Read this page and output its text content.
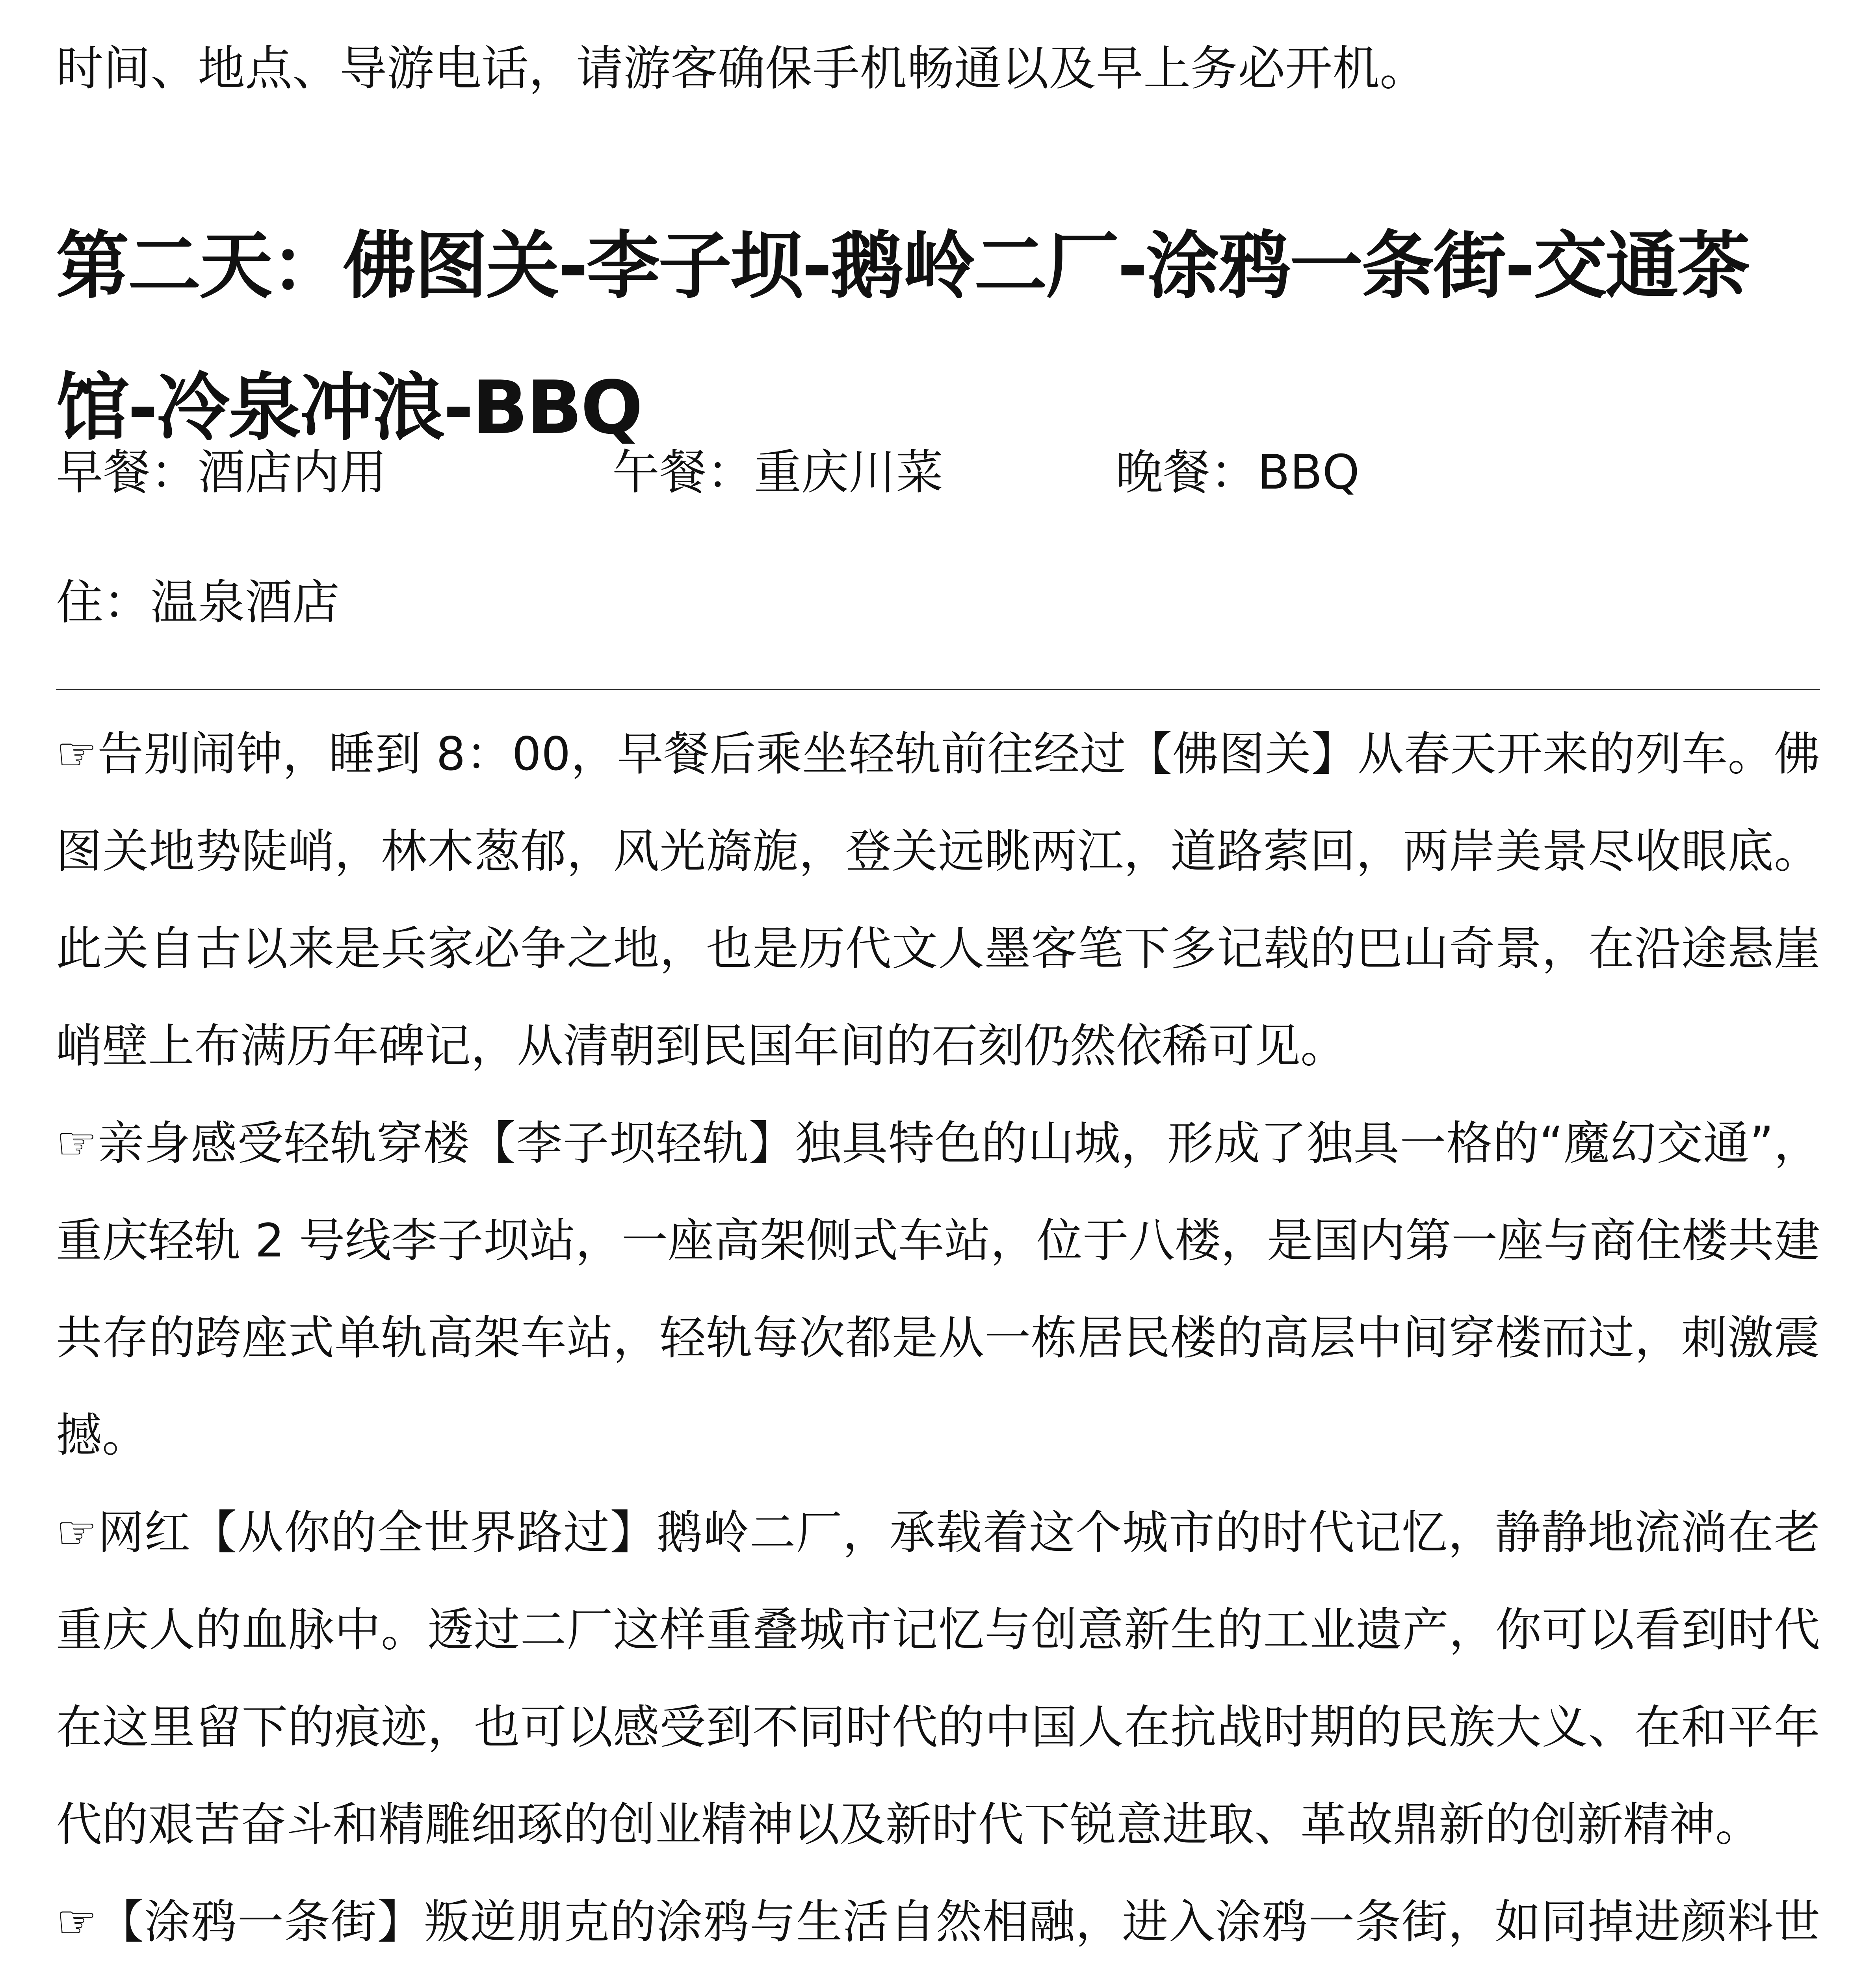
时间、地点、导游电话，请游客确保手机畅通以及早上务必开机。
第二天：佛图关-李子坝-鹅岭二厂-涂鸦一条街-交通茶馆-冷泉冲浪-BBQ
早餐：酒店内用	午餐：重庆川菜	晚餐：BBQ
住：温泉酒店

☞告别闹钟，睡到 8：00，早餐后乘坐轻轨前往经过【佛图关】从春天开来的列车。佛图关地势陡峭，林木葱郁，风光旖旎，登关远眺两江，道路萦回，两岸美景尽收眼底。此关自古以来是兵家必争之地，也是历代文人墨客笔下多记载的巴山奇景，在沿途悬崖峭壁上布满历年碑记，从清朝到民国年间的石刻仍然依稀可见。

☞亲身感受轻轨穿楼【李子坝轻轨】独具特色的山城，形成了独具一格的“魔幻交通”，重庆轻轨 2 号线李子坝站，一座高架侧式车站，位于八楼，是国内第一座与商住楼共建共存的跨座式单轨高架车站，轻轨每次都是从一栋居民楼的高层中间穿楼而过，刺激震撼。

☞网红【从你的全世界路过】鹅岭二厂，承载着这个城市的时代记忆，静静地流淌在老重庆人的血脉中。透过二厂这样重叠城市记忆与创意新生的工业遗产，你可以看到时代在这里留下的痕迹，也可以感受到不同时代的中国人在抗战时期的民族大义、在和平年代的艰苦奋斗和精雕细琢的创业精神以及新时代下锐意进取、革故鼎新的创新精神。

☞【涂鸦一条街】叛逆朋克的涂鸦与生活自然相融，进入涂鸦一条街，如同掉进颜料世
